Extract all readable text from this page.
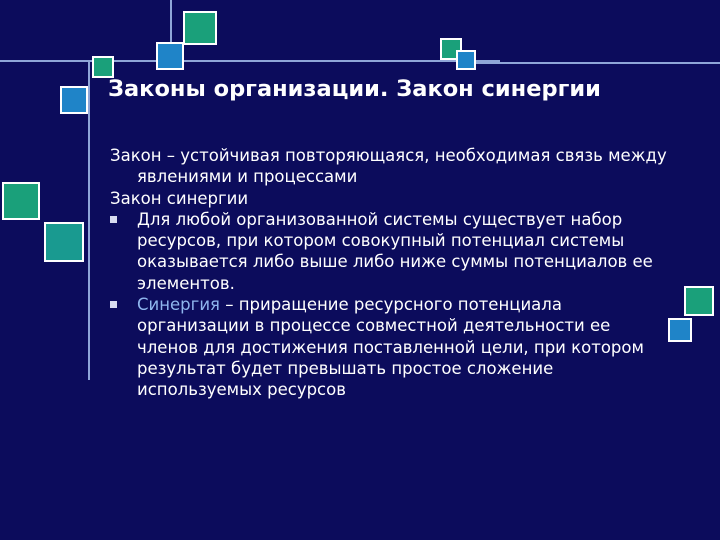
Законы организации. Закон синергии

Закон – устойчивая повторяющаяся, необходимая связь между явлениями и процессами

Закон синергии

Для любой организованной системы существует набор ресурсов, при котором совокупный потенциал системы оказывается либо выше либо ниже суммы потенциалов ее элементов.
Синергия – приращение ресурсного потенциала организации в процессе совместной деятельности ее членов для достижения поставленной цели, при котором результат будет превышать простое сложение используемых ресурсов
